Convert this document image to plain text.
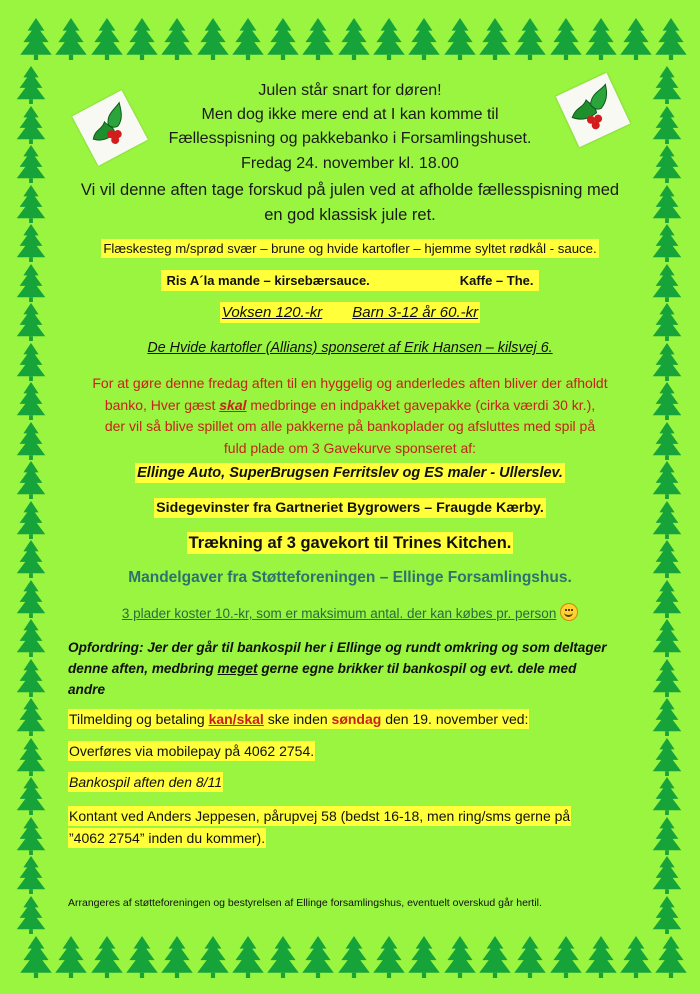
Julen står snart for døren!
Men dog ikke mere end at I kan komme til
Fællesspisning og pakkebanko i Forsamlingshuset.
Fredag 24. november kl. 18.00
Vi vil denne aften tage forskud på julen ved at afholde fællesspisning med
en god klassisk jule ret.
Flæskesteg m/sprød svær – brune og hvide kartofler – hjemme syltet rødkål - sauce.
Ris A´la mande – kirsebærsauce.	Kaffe – The.
Voksen 120.-kr Barn 3-12 år 60.-kr
De Hvide kartofler (Allians) sponseret af Erik Hansen – kilsvej 6.
For at gøre denne fredag aften til en hyggelig og anderledes aften bliver der afholdt
banko, Hver gæst skal medbringe en indpakket gavepakke (cirka værdi 30 kr.),
der vil så blive spillet om alle pakkerne på bankoplader og afsluttes med spil på
fuld plade om 3 Gavekurve sponseret af:
Ellinge Auto, SuperBrugsen Ferritslev og ES maler - Ullerslev.
Sidegevinster fra Gartneriet Bygrowers – Fraugde Kærby.
Trækning af 3 gavekort til Trines Kitchen.
Mandelgaver fra Støtteforeningen – Ellinge Forsamlingshus.
3 plader koster 10.-kr, som er maksimum antal. der kan købes pr. person
Opfordring: Jer der går til bankospil her i Ellinge og rundt omkring og som deltager
denne aften, medbring meget gerne egne brikker til bankospil og evt. dele med
andre
Tilmelding og betaling kan/skal ske inden søndag den 19. november ved:
Overføres via mobilepay på 4062 2754.
Bankospil aften den 8/11
Kontant ved Anders Jeppesen, pårupvej 58 (bedst 16-18, men ring/sms gerne på
”4062 2754” inden du kommer).
Arrangeres af støtteforeningen og bestyrelsen af Ellinge forsamlingshus, eventuelt overskud går hertil.
